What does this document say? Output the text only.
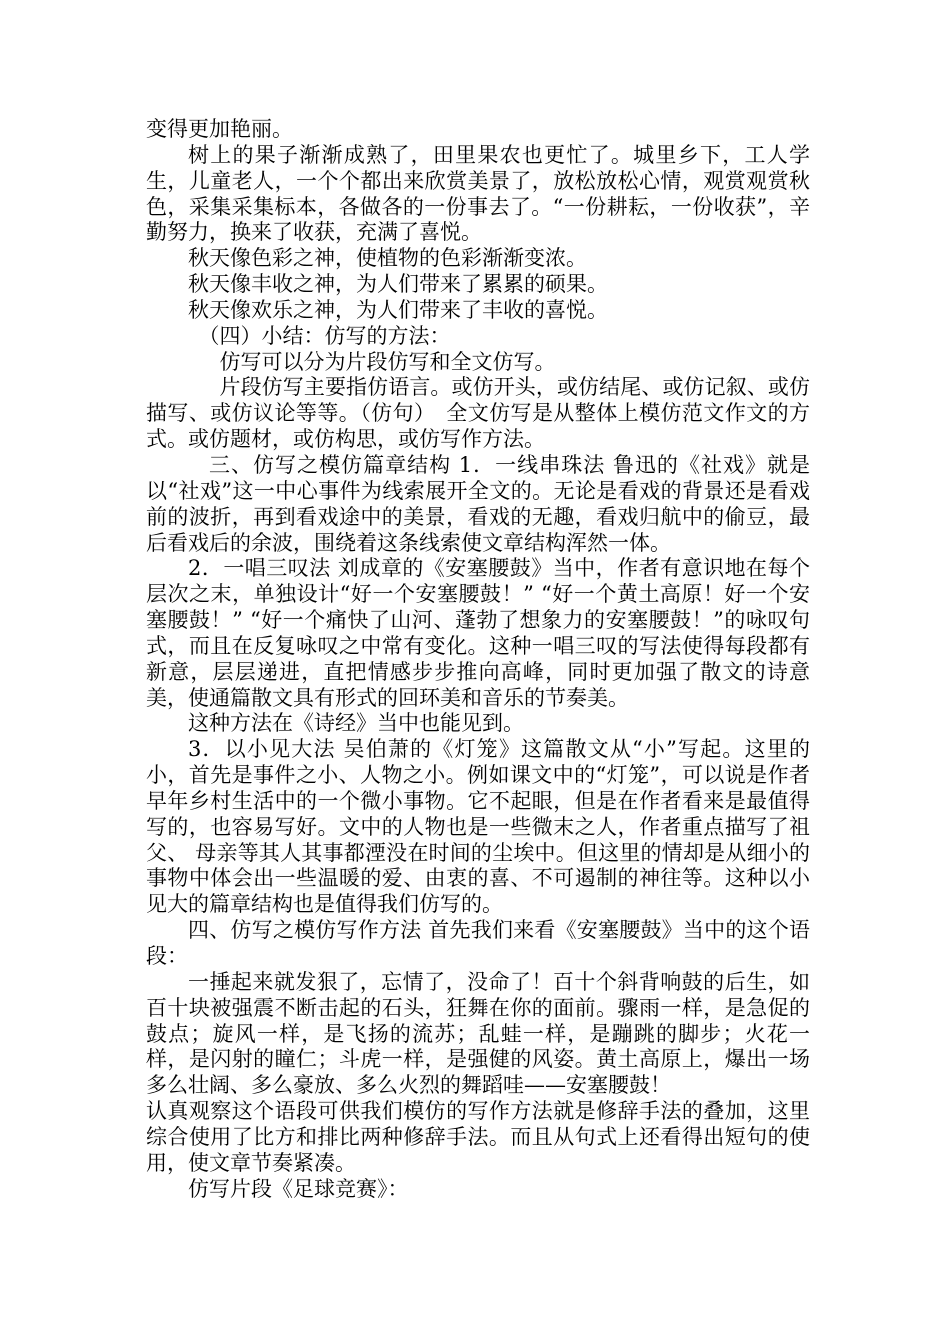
变得更加艳丽。

树上的果子渐渐成熟了，田里果农也更忙了。城里乡下，工人学生，儿童老人，一个个都出来欣赏美景了，放松放松心情，观赏观赏秋色，采集采集标本，各做各的一份事去了。“一份耕耘，一份收获”，辛勤努力，换来了收获，充满了喜悦。

秋天像色彩之神，使植物的色彩渐渐变浓。

秋天像丰收之神，为人们带来了累累的硕果。

秋天像欢乐之神，为人们带来了丰收的喜悦。

（四）小结：仿写的方法：

仿写可以分为片段仿写和全文仿写。

片段仿写主要指仿语言。或仿开头，或仿结尾、或仿记叙、或仿描写、或仿议论等等。（仿句）　全文仿写是从整体上模仿范文作文的方式。或仿题材，或仿构思，或仿写作方法。

三、仿写之模仿篇章结构 1．一线串珠法 鲁迅的《社戏》就是以“社戏”这一中心事件为线索展开全文的。无论是看戏的背景还是看戏前的波折，再到看戏途中的美景，看戏的无趣，看戏归航中的偷豆，最后看戏后的余波，围绕着这条线索使文章结构浑然一体。

2．一唱三叹法 刘成章的《安塞腰鼓》当中，作者有意识地在每个层次之末，单独设计“好一个安塞腰鼓！” “好一个黄土高原！好一个安塞腰鼓！” “好一个痛快了山河、蓬勃了想象力的安塞腰鼓！”的咏叹句式，而且在反复咏叹之中常有变化。这种一唱三叹的写法使得每段都有新意，层层递进，直把情感步步推向高峰，同时更加强了散文的诗意美，使通篇散文具有形式的回环美和音乐的节奏美。

这种方法在《诗经》当中也能见到。

3．以小见大法 吴伯萧的《灯笼》这篇散文从“小”写起。这里的小，首先是事件之小、人物之小。例如课文中的“灯笼”，可以说是作者早年乡村生活中的一个微小事物。它不起眼，但是在作者看来是最值得写的，也容易写好。文中的人物也是一些微末之人，作者重点描写了祖父、 母亲等其人其事都湮没在时间的尘埃中。但这里的情却是从细小的事物中体会出一些温暖的爱、由衷的喜、不可遏制的神往等。这种以小见大的篇章结构也是值得我们仿写的。

四、仿写之模仿写作方法 首先我们来看《安塞腰鼓》当中的这个语段：

一捶起来就发狠了，忘情了，没命了！百十个斜背响鼓的后生，如百十块被强震不断击起的石头，狂舞在你的面前。骤雨一样，是急促的鼓点；旋风一样，是飞扬的流苏；乱蛙一样，是蹦跳的脚步；火花一样，是闪射的瞳仁；斗虎一样，是强健的风姿。黄土高原上，爆出一场多么壮阔、多么豪放、多么火烈的舞蹈哇——安塞腰鼓！

认真观察这个语段可供我们模仿的写作方法就是修辞手法的叠加，这里综合使用了比方和排比两种修辞手法。而且从句式上还看得出短句的使用，使文章节奏紧凑。

仿写片段《足球竞赛》：
